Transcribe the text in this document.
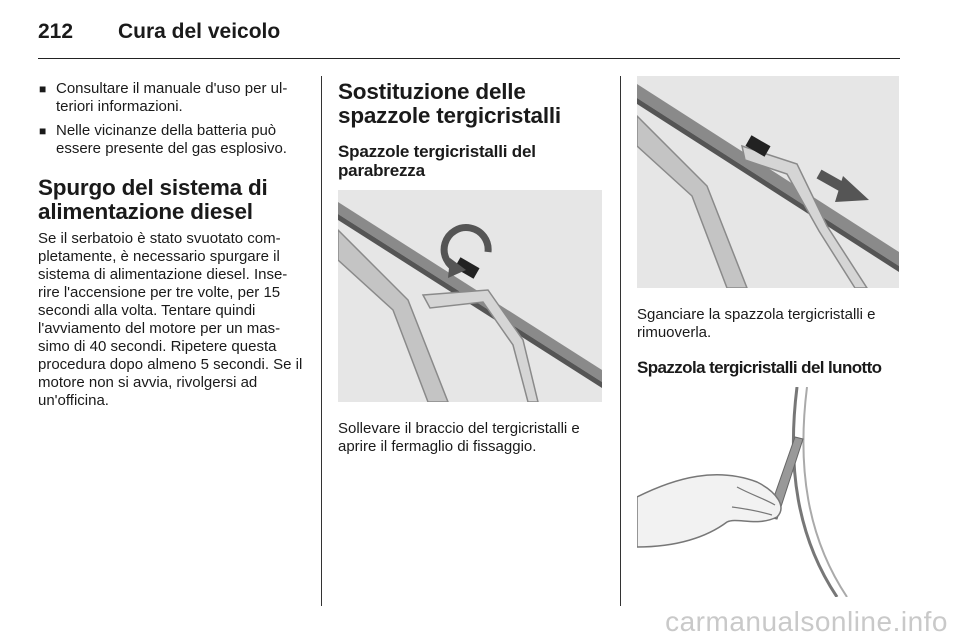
212 Cura del veicolo
■ Consultare il manuale d'uso per ul-teriori informazioni.
■ Nelle vicinanze della batteria può essere presente del gas esplosivo.
Spurgo del sistema di
alimentazione diesel

Se il serbatoio è stato svuotato com-pletamente, è necessario spurgare il sistema di alimentazione diesel. Inse-rire l'accensione per tre volte, per 15 secondi alla volta. Tentare quindi l'avviamento del motore per un mas-simo di 40 secondi. Ripetere questa procedura dopo almeno 5 secondi. Se il motore non si avvia, rivolgersi ad un'officina.

Sostituzione delle
spazzole tergicristalli
Spazzole tergicristalli del
parabrezza

Sollevare il braccio del tergicristalli e aprire il fermaglio di fissaggio.

Sganciare la spazzola tergicristalli e rimuoverla.

Spazzola tergicristalli del lunotto
carmanualsonline.info
